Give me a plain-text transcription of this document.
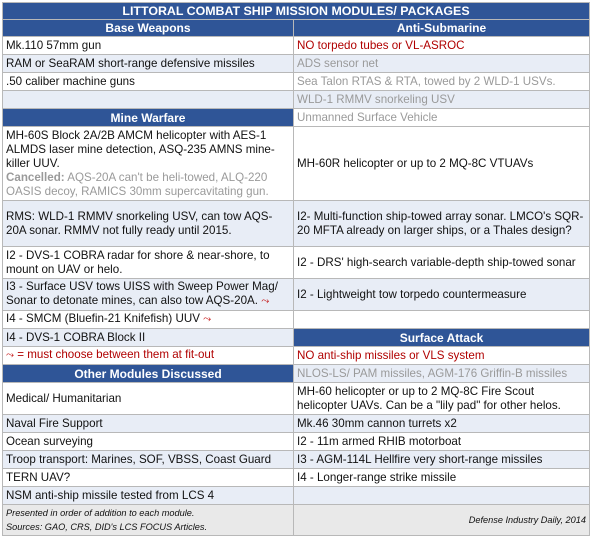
LITTORAL COMBAT SHIP MISSION MODULES/ PACKAGES	
Base Weapons	Anti-Submarine
Mk.110 57mm gun	NO torpedo tubes or VL-ASROC
RAM or SeaRAM short-range defensive missiles	ADS sensor net
.50 caliber machine guns	Sea Talon RTAS & RTA, towed by 2 WLD-1 USVs.
	WLD-1 RMMV snorkeling USV
Mine Warfare	Unmanned Surface Vehicle
MH-60S Block 2A/2B AMCM helicopter with AES-1 ALMDS laser mine detection, ASQ-235 AMNS mine-killer UUV.
Cancelled: AQS-20A can't be heli-towed, ALQ-220 OASIS decoy, RAMICS 30mm supercavitating gun.	MH-60R helicopter or up to 2 MQ-8C VTUAVs
RMS: WLD-1 RMMV snorkeling USV, can tow AQS-20A sonar. RMMV not fully ready until 2015.	I2- Multi-function ship-towed array sonar. LMCO's SQR-20 MFTA already on larger ships, or a Thales design?
I2 - DVS-1 COBRA radar for shore & near-shore, to mount on UAV or helo.	I2 - DRS' high-search variable-depth ship-towed sonar
I3 - Surface USV tows UISS with Sweep Power Mag/ Sonar to detonate mines, can also tow AQS-20A. ⤳	I2 - Lightweight tow torpedo countermeasure
I4 - SMCM (Bluefin-21 Knifefish) UUV ⤳	
I4 - DVS-1 COBRA Block II	Surface Attack
⤳ = must choose between them at fit-out	NO anti-ship missiles or VLS system
Other Modules Discussed	NLOS-LS/ PAM missiles, AGM-176 Griffin-B missiles
Medical/ Humanitarian	MH-60 helicopter or up to 2 MQ-8C Fire Scout helicopter UAVs. Can be a "lily pad" for other helos.
Naval Fire Support	Mk.46 30mm cannon turrets x2
Ocean surveying	I2 - 11m armed RHIB motorboat
Troop transport: Marines, SOF, VBSS, Coast Guard	I3 - AGM-114L Hellfire very short-range missiles
TERN UAV?	I4 - Longer-range strike missile
NSM anti-ship missile tested from LCS 4	
Presented in order of addition to each module.
Sources: GAO, CRS, DID's LCS FOCUS Articles.	Defense Industry Daily, 2014
